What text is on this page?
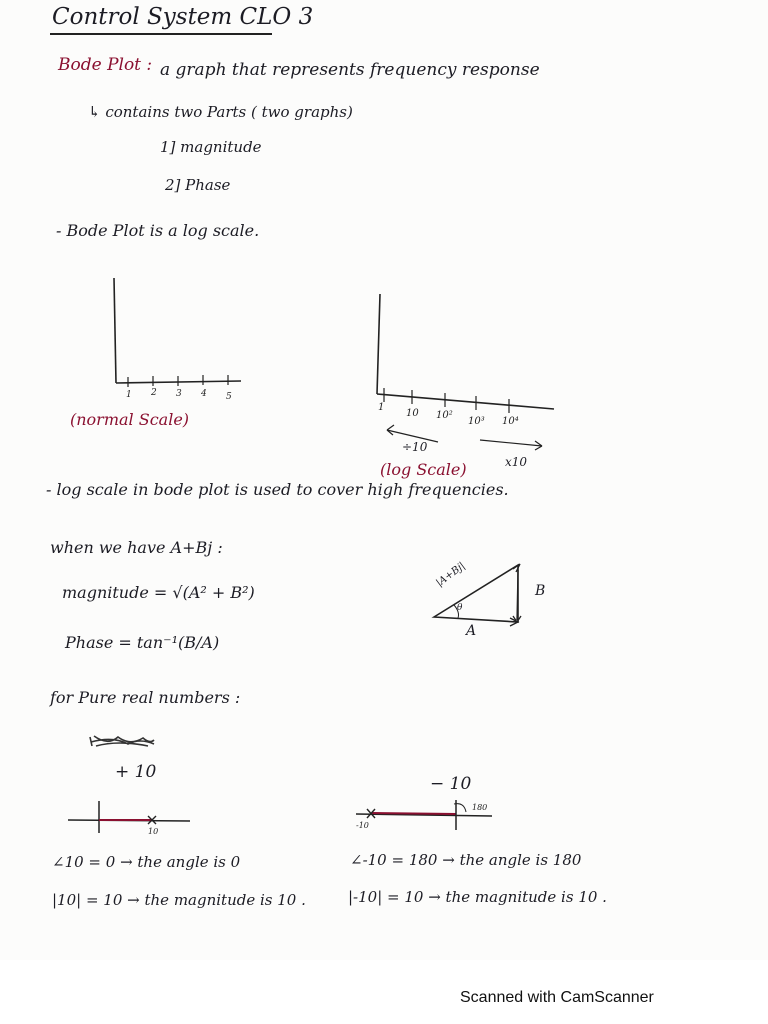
Control System CLO 3
Bode Plot : a graph that represents frequency response
↳ contains two Parts ( two graphs)
1] magnitude
2] Phase
- Bode Plot is a log scale.
1 2 3 4 5
(normal Scale)
1
10 10²
10³ 10⁴
÷10
x10
(log Scale)
- log scale in bode plot is used to cover high frequencies.
when we have A+Bj :
magnitude = √(A² + B²)
Phase = tan⁻¹(B/A)
|A+Bj|
θ
B
A
for Pure real numbers :
+ 10
10
− 10
-10
180
∠10 = 0 → the angle is 0
|10| = 10 → the magnitude is 10 .
∠-10 = 180 → the angle is 180
|-10| = 10 → the magnitude is 10 .
Scanned with CamScanner
